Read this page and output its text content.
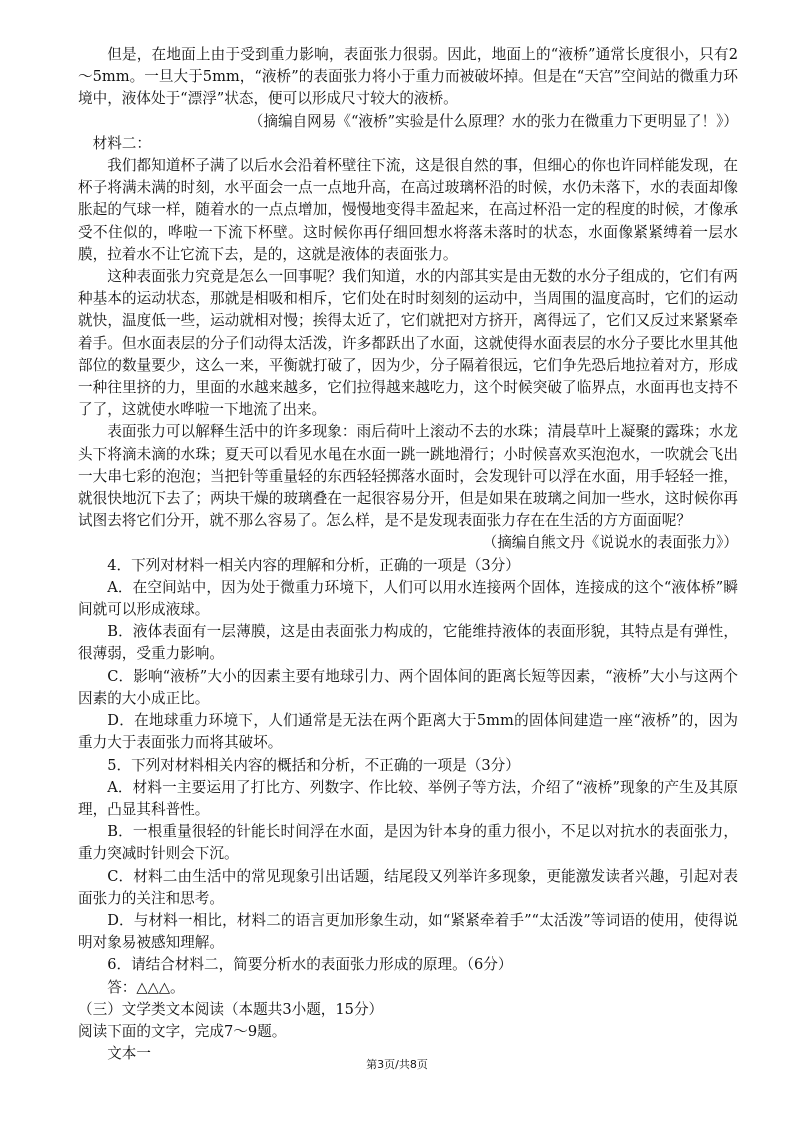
但是，在地面上由于受到重力影响，表面张力很弱。因此，地面上的“液桥”通常长度很小，只有2～5mm。一旦大于5mm，“液桥”的表面张力将小于重力而被破坏掉。但是在“天宫”空间站的微重力环境中，液体处于“漂浮”状态，便可以形成尺寸较大的液桥。

（摘编自网易《“液桥”实验是什么原理？水的张力在微重力下更明显了！》）

材料二：

我们都知道杯子满了以后水会沿着杯壁往下流，这是很自然的事，但细心的你也许同样能发现，在杯子将满未满的时刻，水平面会一点一点地升高，在高过玻璃杯沿的时候，水仍未落下，水的表面却像胀起的气球一样，随着水的一点点增加，慢慢地变得丰盈起来，在高过杯沿一定的程度的时候，才像承受不住似的，哗啦一下流下杯壁。这时候你再仔细回想水将落未落时的状态，水面像紧紧缚着一层水膜，拉着水不让它流下去，是的，这就是液体的表面张力。

这种表面张力究竟是怎么一回事呢？我们知道，水的内部其实是由无数的水分子组成的，它们有两种基本的运动状态，那就是相吸和相斥，它们处在时时刻刻的运动中，当周围的温度高时，它们的运动就快，温度低一些，运动就相对慢；挨得太近了，它们就把对方挤开，离得远了，它们又反过来紧紧牵着手。但水面表层的分子们动得太活泼，许多都跃出了水面，这就使得水面表层的水分子要比水里其他部位的数量要少，这么一来，平衡就打破了，因为少，分子隔着很远，它们争先恐后地拉着对方，形成一种往里挤的力，里面的水越来越多，它们拉得越来越吃力，这个时候突破了临界点，水面再也支持不了了，这就使水哗啦一下地流了出来。

表面张力可以解释生活中的许多现象：雨后荷叶上滚动不去的水珠；清晨草叶上凝聚的露珠；水龙头下将滴未滴的水珠；夏天可以看见水黾在水面一跳一跳地滑行；小时候喜欢买泡泡水，一吹就会飞出一大串七彩的泡泡；当把针等重量轻的东西轻轻掷落水面时，会发现针可以浮在水面，用手轻轻一推，就很快地沉下去了；两块干燥的玻璃叠在一起很容易分开，但是如果在玻璃之间加一些水，这时候你再试图去将它们分开，就不那么容易了。怎么样，是不是发现表面张力存在在生活的方方面面呢？

（摘编自熊文丹《说说水的表面张力》）

4．下列对材料一相关内容的理解和分析，正确的一项是（3分）

A．在空间站中，因为处于微重力环境下，人们可以用水连接两个固体，连接成的这个“液体桥”瞬间就可以形成液球。

B．液体表面有一层薄膜，这是由表面张力构成的，它能维持液体的表面形貌，其特点是有弹性，很薄弱，受重力影响。

C．影响“液桥”大小的因素主要有地球引力、两个固体间的距离长短等因素，“液桥”大小与这两个因素的大小成正比。

D．在地球重力环境下，人们通常是无法在两个距离大于5mm的固体间建造一座“液桥”的，因为重力大于表面张力而将其破坏。

5．下列对材料相关内容的概括和分析，不正确的一项是（3分）

A．材料一主要运用了打比方、列数字、作比较、举例子等方法，介绍了“液桥”现象的产生及其原理，凸显其科普性。

B．一根重量很轻的针能长时间浮在水面，是因为针本身的重力很小，不足以对抗水的表面张力，重力突减时针则会下沉。

C．材料二由生活中的常见现象引出话题，结尾段又列举许多现象，更能激发读者兴趣，引起对表面张力的关注和思考。

D．与材料一相比，材料二的语言更加形象生动，如“紧紧牵着手”“太活泼”等词语的使用，使得说明对象易被感知理解。

6．请结合材料二，简要分析水的表面张力形成的原理。（6分）

答：△△△。

（三）文学类文本阅读（本题共3小题，15分）

阅读下面的文字，完成7～9题。

文本一

第3页/共8页
